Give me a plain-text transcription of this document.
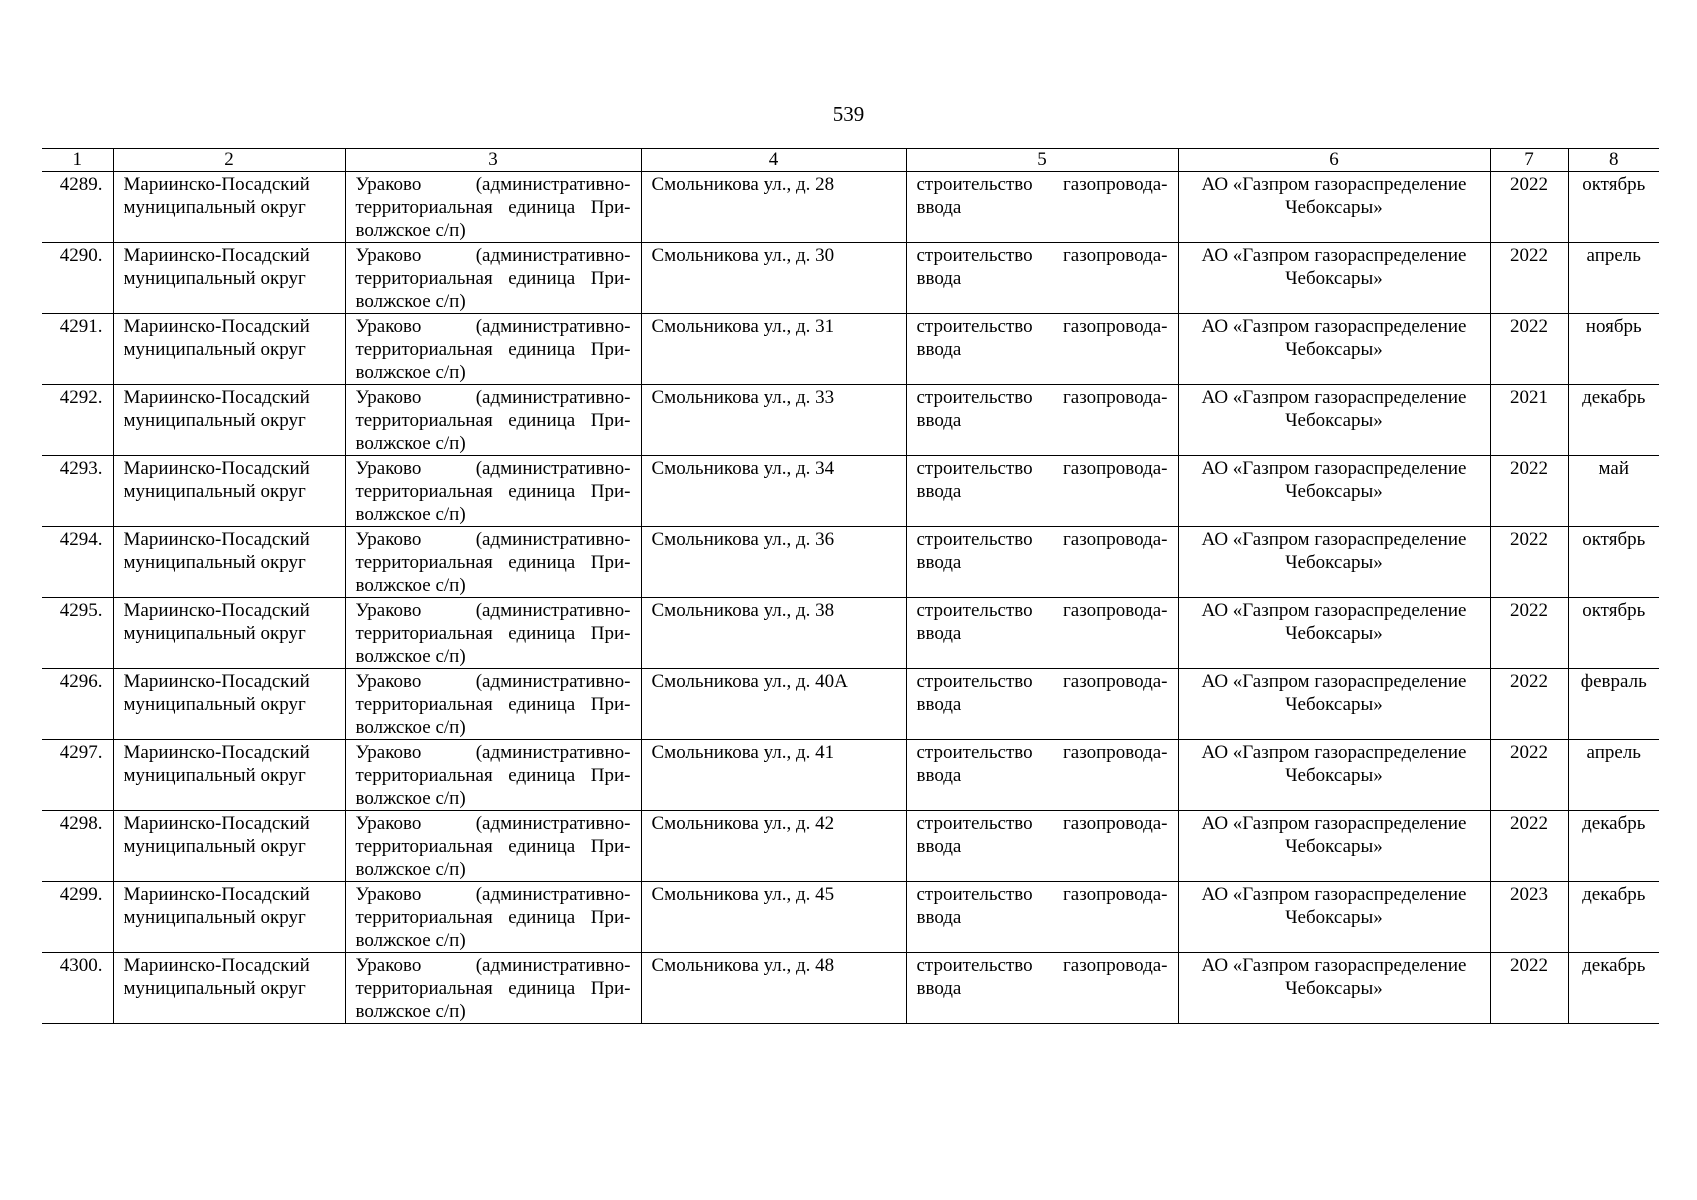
539
1	2	3	4	5	6	7	8
4289.	Мариинско-Посадский муниципальный округ	Ураково (административно-территориальная единица При-волжское с/п)	Смольникова ул., д. 28	строительство газопровода-ввода	АО «Газпром газораспределение Чебоксары»	2022	октябрь
4290.	Мариинско-Посадский муниципальный округ	Ураково (административно-территориальная единица При-волжское с/п)	Смольникова ул., д. 30	строительство газопровода-ввода	АО «Газпром газораспределение Чебоксары»	2022	апрель
4291.	Мариинско-Посадский муниципальный округ	Ураково (административно-территориальная единица При-волжское с/п)	Смольникова ул., д. 31	строительство газопровода-ввода	АО «Газпром газораспределение Чебоксары»	2022	ноябрь
4292.	Мариинско-Посадский муниципальный округ	Ураково (административно-территориальная единица При-волжское с/п)	Смольникова ул., д. 33	строительство газопровода-ввода	АО «Газпром газораспределение Чебоксары»	2021	декабрь
4293.	Мариинско-Посадский муниципальный округ	Ураково (административно-территориальная единица При-волжское с/п)	Смольникова ул., д. 34	строительство газопровода-ввода	АО «Газпром газораспределение Чебоксары»	2022	май
4294.	Мариинско-Посадский муниципальный округ	Ураково (административно-территориальная единица При-волжское с/п)	Смольникова ул., д. 36	строительство газопровода-ввода	АО «Газпром газораспределение Чебоксары»	2022	октябрь
4295.	Мариинско-Посадский муниципальный округ	Ураково (административно-территориальная единица При-волжское с/п)	Смольникова ул., д. 38	строительство газопровода-ввода	АО «Газпром газораспределение Чебоксары»	2022	октябрь
4296.	Мариинско-Посадский муниципальный округ	Ураково (административно-территориальная единица При-волжское с/п)	Смольникова ул., д. 40А	строительство газопровода-ввода	АО «Газпром газораспределение Чебоксары»	2022	февраль
4297.	Мариинско-Посадский муниципальный округ	Ураково (административно-территориальная единица При-волжское с/п)	Смольникова ул., д. 41	строительство газопровода-ввода	АО «Газпром газораспределение Чебоксары»	2022	апрель
4298.	Мариинско-Посадский муниципальный округ	Ураково (административно-территориальная единица При-волжское с/п)	Смольникова ул., д. 42	строительство газопровода-ввода	АО «Газпром газораспределение Чебоксары»	2022	декабрь
4299.	Мариинско-Посадский муниципальный округ	Ураково (административно-территориальная единица При-волжское с/п)	Смольникова ул., д. 45	строительство газопровода-ввода	АО «Газпром газораспределение Чебоксары»	2023	декабрь
4300.	Мариинско-Посадский муниципальный округ	Ураково (административно-территориальная единица При-волжское с/п)	Смольникова ул., д. 48	строительство газопровода-ввода	АО «Газпром газораспределение Чебоксары»	2022	декабрь
